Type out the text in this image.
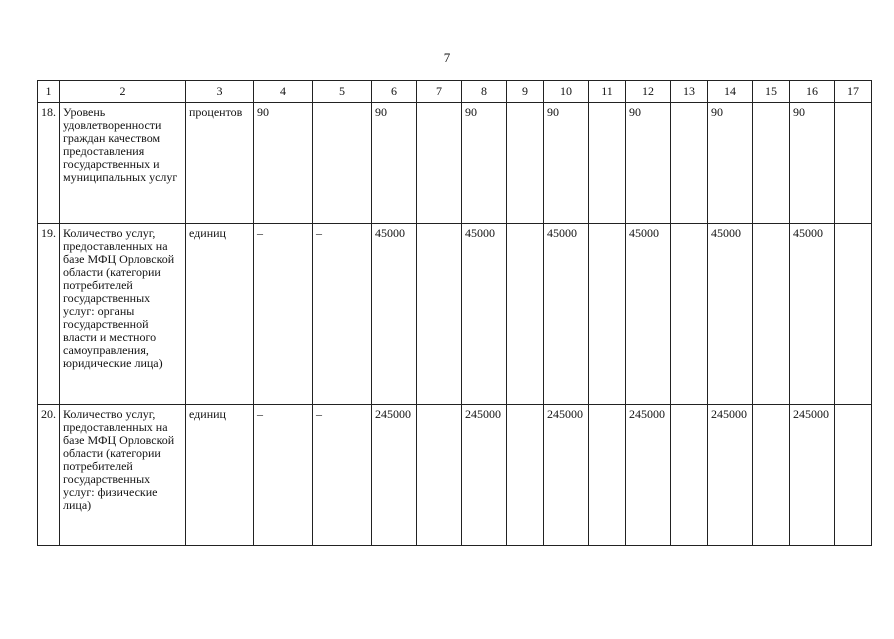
7
1	2	3	4	5	6	7	8	9	10	11	12	13	14	15	16	17
18.	Уровень удовлетворенности граждан качеством предоставления государственных и муниципальных услуг	процентов	90		90		90		90		90		90		90	
19.	Количество услуг, предоставленных на базе МФЦ Орловской области (категории потребителей государственных услуг: органы государственной власти и местного самоуправления, юридические лица)	единиц	–	–	45000		45000		45000		45000		45000		45000	
20.	Количество услуг, предоставленных на базе МФЦ Орловской области (категории потребителей государственных услуг: физические лица)	единиц	–	–	245000		245000		245000		245000		245000		245000	
